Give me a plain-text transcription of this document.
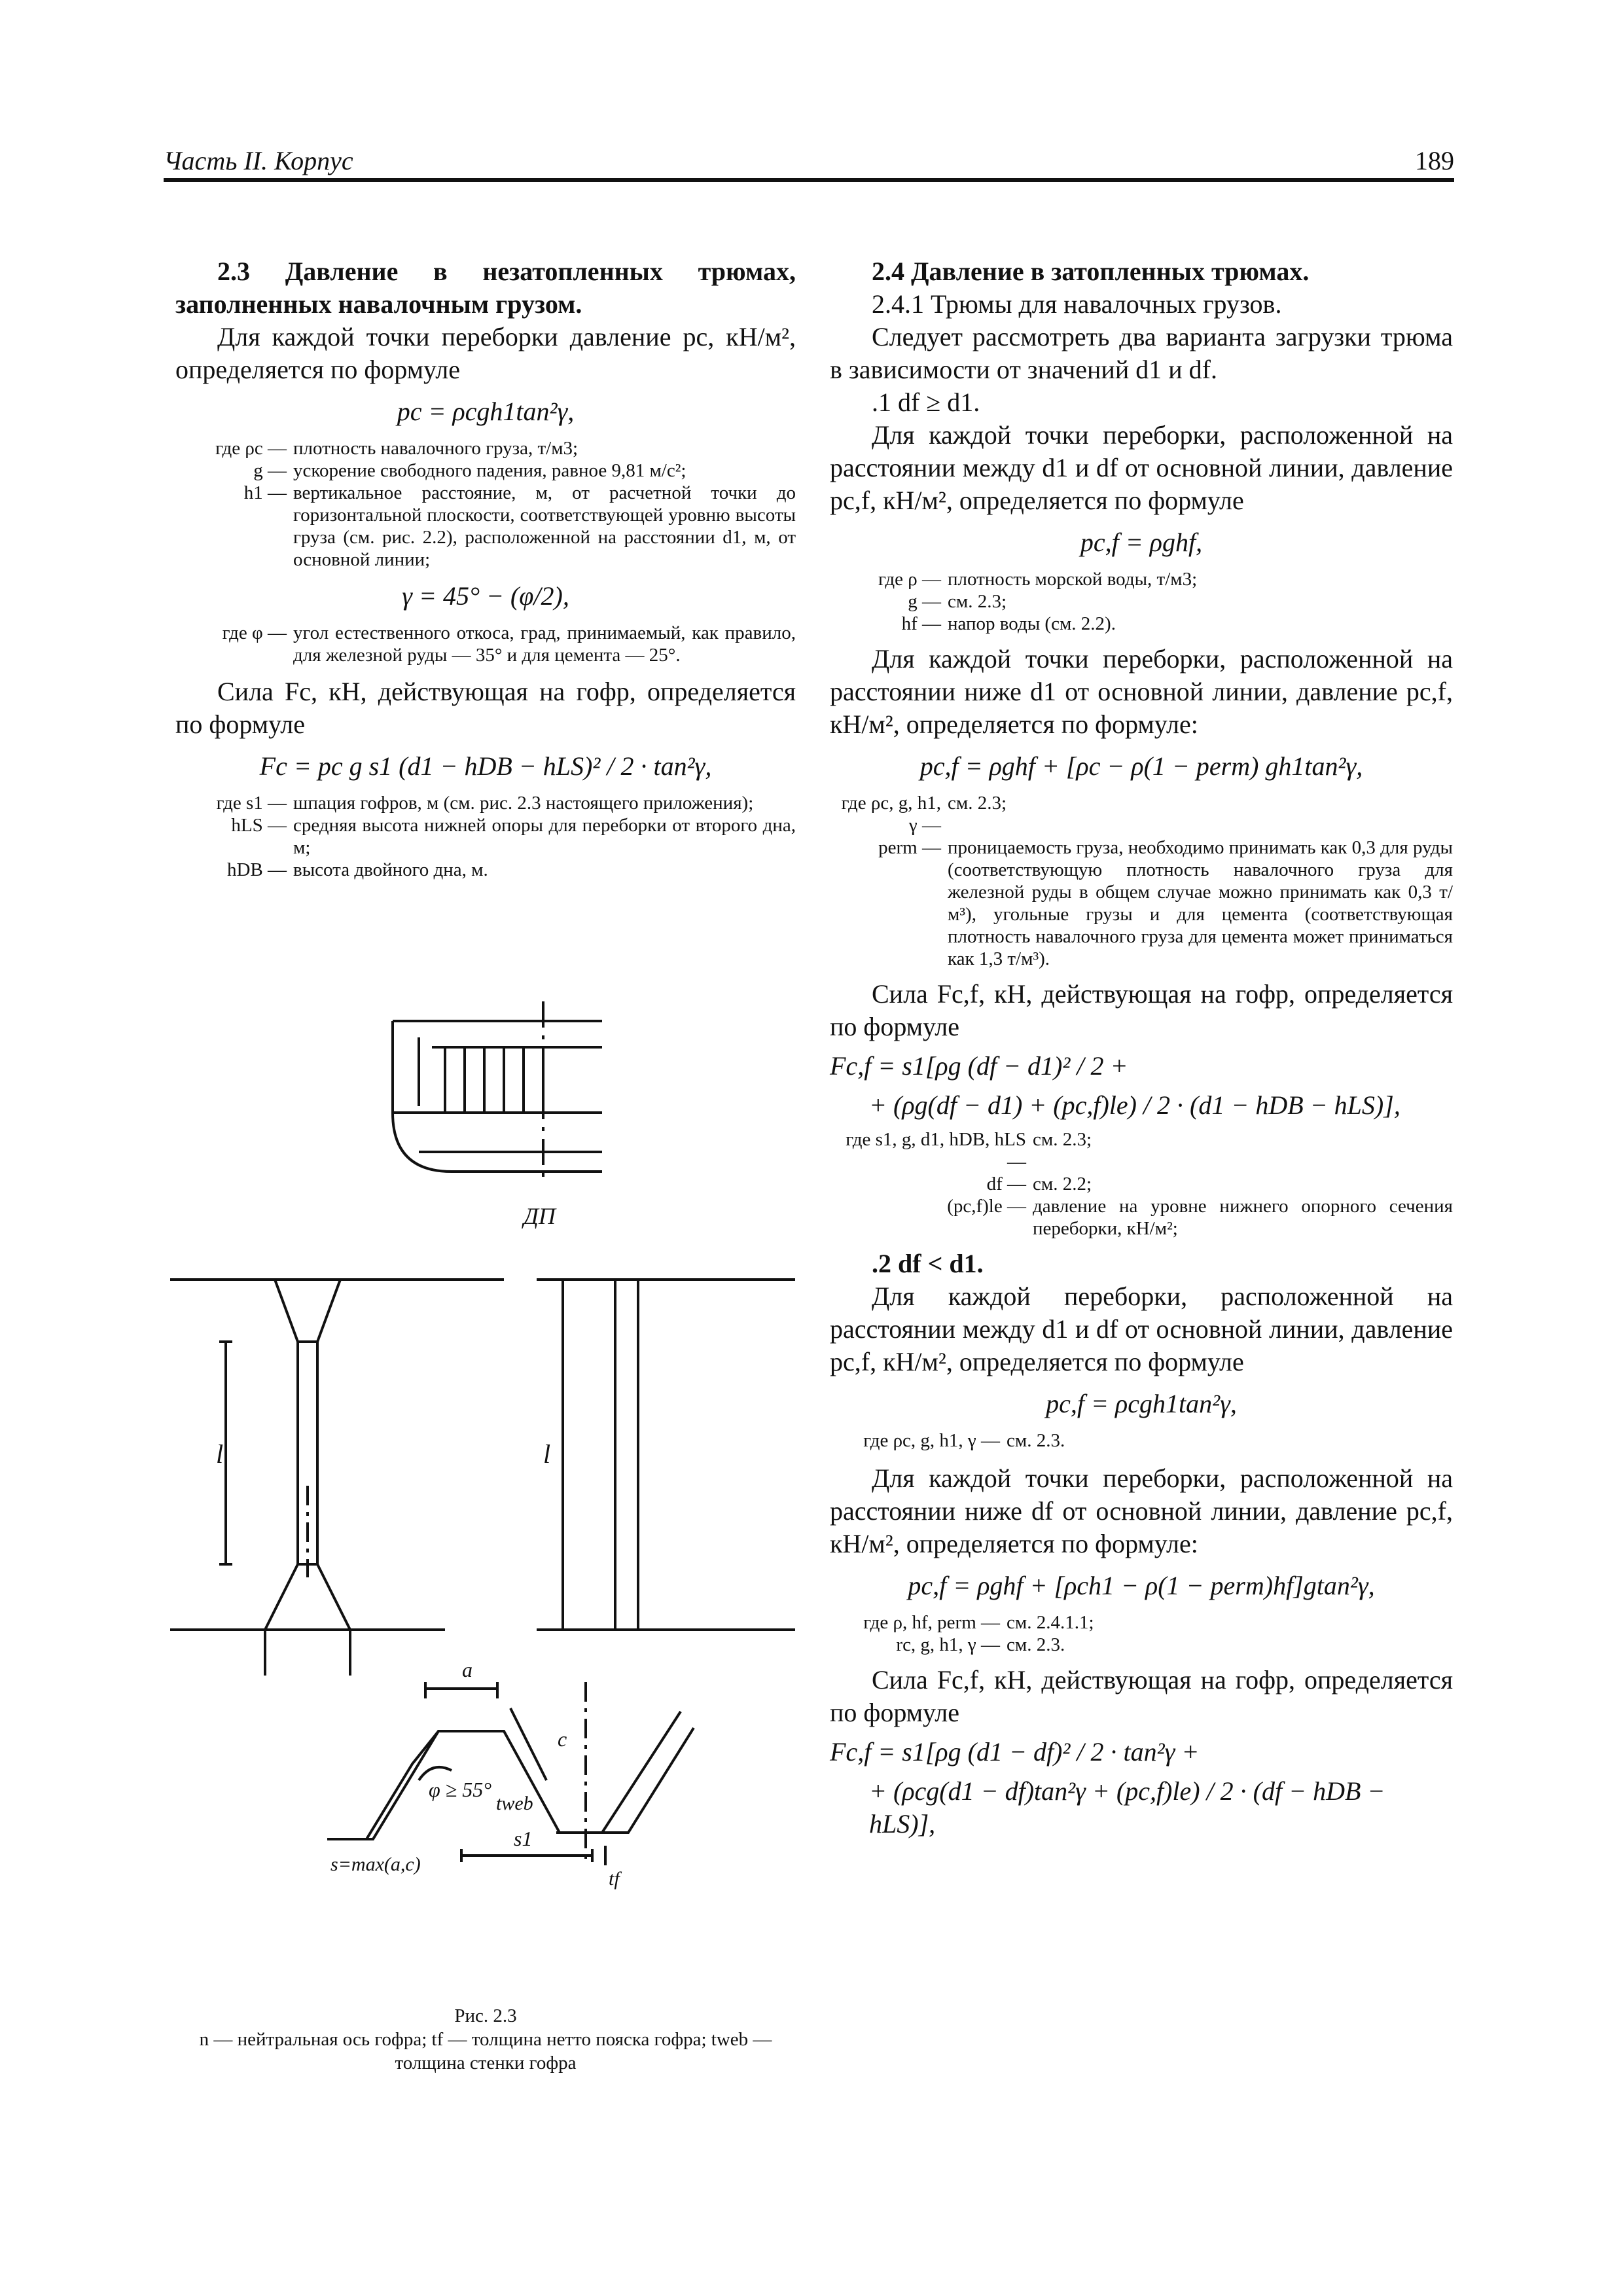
Часть II. Корпус	189

2.3 Давление в незатопленных трюмах, заполненных навалочным грузом.

Для каждой точки переборки давление pc, кН/м², определяется по формуле

pc = ρcgh1tan²γ,

где ρc — плотность навалочного груза, т/м3;
g — ускорение свободного падения, равное 9,81 м/с²;
h1 — вертикальное расстояние, м, от расчетной точки до горизонтальной плоскости, соответствующей уровню высоты груза (см. рис. 2.2), расположенной на расстоянии d1, м, от основной линии;

γ = 45° − (φ/2),

где φ — угол естественного откоса, град, принимаемый, как правило, для железной руды — 35° и для цемента — 25°.

Сила Fc, кН, действующая на гофр, определяется по формуле

Fc = pc g s1 (d1 − hDB − hLS)² / 2 · tan²γ,

где s1 — шпация гофров, м (см. рис. 2.3 настоящего приложения);
hLS — средняя высота нижней опоры для переборки от второго дна, м;
hDB — высота двойного дна, м.
ДП
l	l
a
c
φ ≥ 55°
tweb
s1
tf
s=max(a,c)
Рис. 2.3
n — нейтральная ось гофра; tf — толщина нетто пояска гофра; tweb — толщина стенки гофра

2.4 Давление в затопленных трюмах.

2.4.1 Трюмы для навалочных грузов.

Следует рассмотреть два варианта загрузки трюма в зависимости от значений d1 и df.

.1 df ≥ d1.

Для каждой точки переборки, расположенной на расстоянии между d1 и df от основной линии, давление pc,f, кН/м², определяется по формуле

pc,f = ρghf,

где ρ — плотность морской воды, т/м3;
g — см. 2.3;
hf — напор воды (см. 2.2).

Для каждой точки переборки, расположенной на расстоянии ниже d1 от основной линии, давление pc,f, кН/м², определяется по формуле:

pc,f = ρghf + [ρc − ρ(1 − perm) gh1tan²γ,

где ρc, g, h1, γ —
см. 2.3;
perm — проницаемость груза, необходимо принимать как 0,3 для руды (соответствующую плотность навалочного груза для железной руды в общем случае можно принимать как 0,3 т/м³), угольные грузы и для цемента (соответствующая плотность навалочного груза для цемента может приниматься как 1,3 т/м³).

Сила Fc,f, кН, действующая на гофр, определяется по формуле

Fc,f = s1[ρg (df − d1)² / 2 +

+ (ρg(df − d1) + (pc,f)le) / 2 · (d1 − hDB − hLS)],

где s1, g, d1, hDB, hLS —
см. 2.3;
df — см. 2.2;
(pc,f)le — давление на уровне нижнего опорного сечения переборки, кН/м²;

.2 df < d1.

Для каждой переборки, расположенной на расстоянии между d1 и df от основной линии, давление pc,f, кН/м², определяется по формуле

pc,f = ρcgh1tan²γ,

где ρc, g, h1, γ — см. 2.3.

Для каждой точки переборки, расположенной на расстоянии ниже df от основной линии, давление pc,f, кН/м², определяется по формуле:

pc,f = ρghf + [ρch1 − ρ(1 − perm)hf]gtan²γ,

где ρ, hf, perm — см. 2.4.1.1;
rc, g, h1, γ — см. 2.3.

Сила Fc,f, кН, действующая на гофр, определяется по формуле

Fc,f = s1[ρg (d1 − df)² / 2 · tan²γ +

+ (ρcg(d1 − df)tan²γ + (pc,f)le) / 2 · (df − hDB − hLS)],
